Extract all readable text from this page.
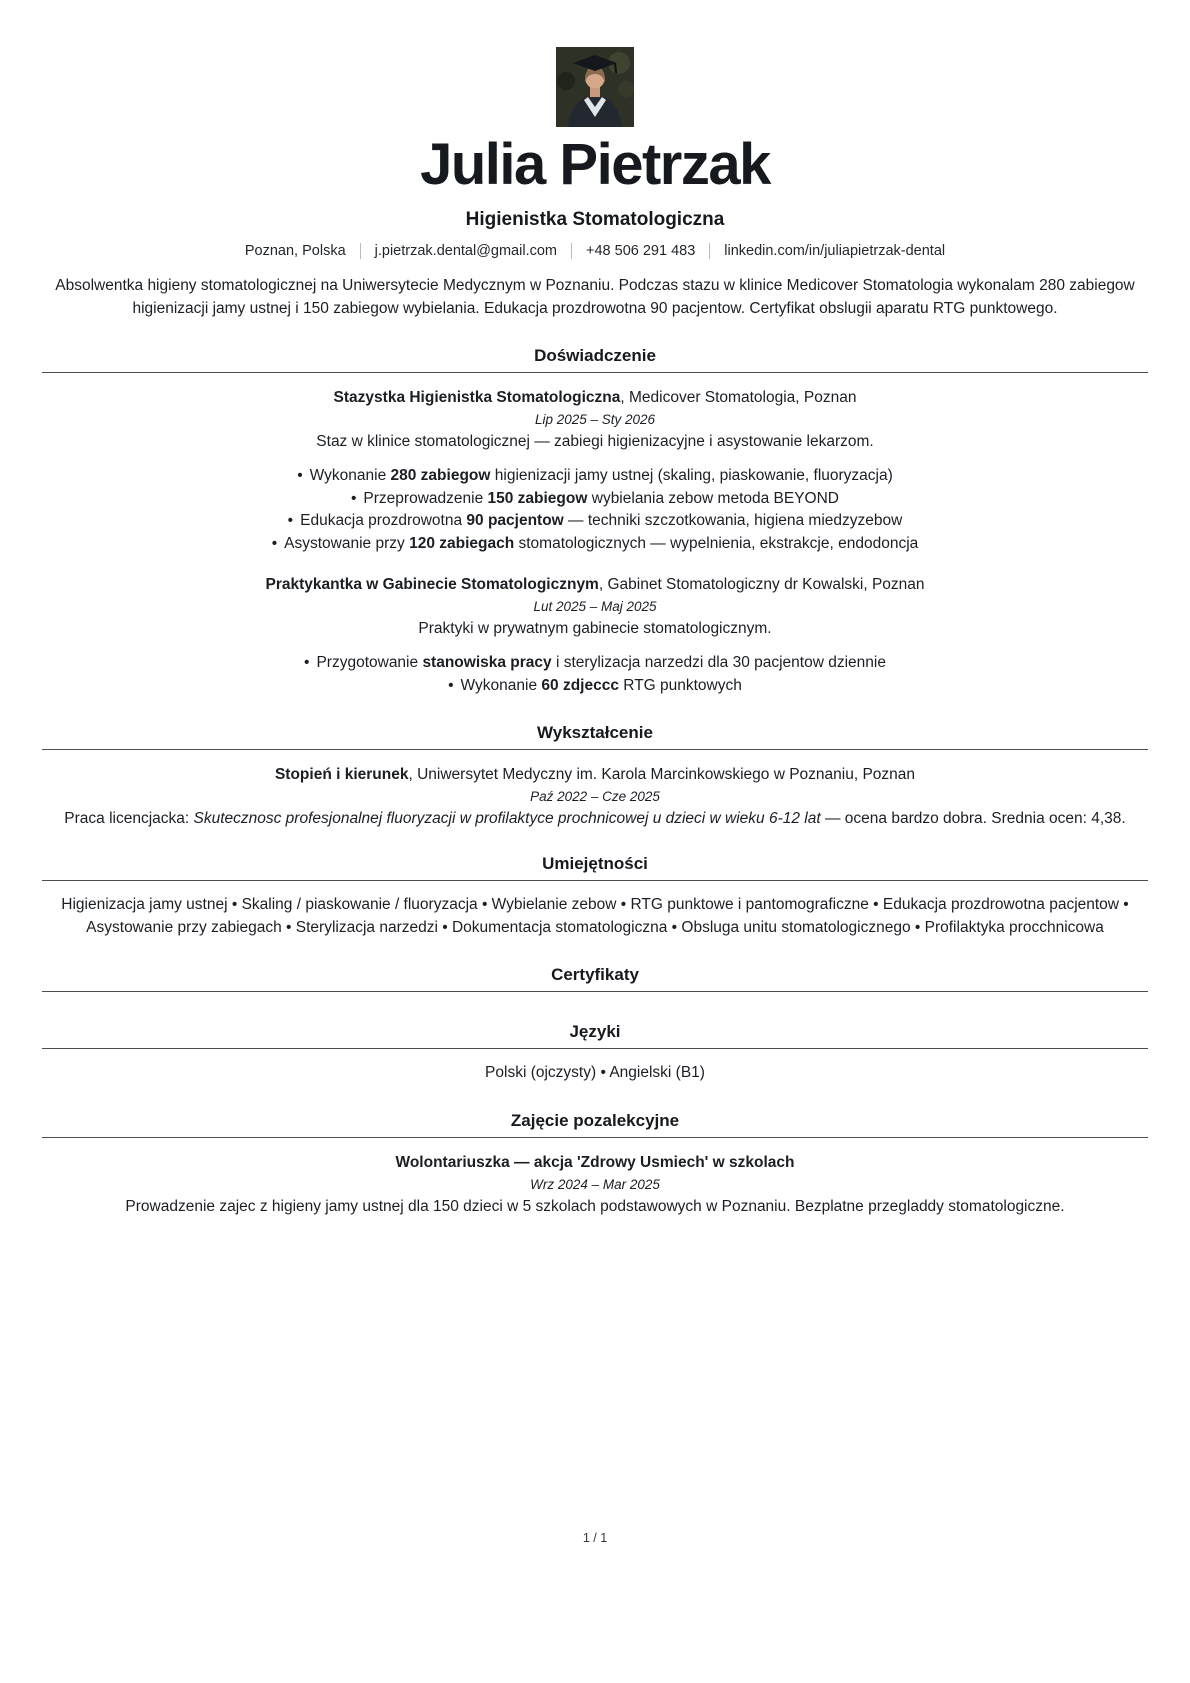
Julia Pietrzak
Higienistka Stomatologiczna
Poznan, Polska j.pietrzak.dental@gmail.com +48 506 291 483 linkedin.com/in/juliapietrzak-dental
Absolwentka higieny stomatologicznej na Uniwersytecie Medycznym w Poznaniu. Podczas stazu w klinice Medicover Stomatologia wykonalam 280 zabiegow higienizacji jamy ustnej i 150 zabiegow wybielania. Edukacja prozdrowotna 90 pacjentow. Certyfikat obslugii aparatu RTG punktowego.
Doświadczenie
Stazystka Higienistka Stomatologiczna, Medicover Stomatologia, Poznan
Lip 2025 – Sty 2026
Staz w klinice stomatologicznej — zabiegi higienizacyjne i asystowanie lekarzom.
• Wykonanie 280 zabiegow higienizacji jamy ustnej (skaling, piaskowanie, fluoryzacja)
• Przeprowadzenie 150 zabiegow wybielania zebow metoda BEYOND
• Edukacja prozdrowotna 90 pacjentow — techniki szczotkowania, higiena miedzyzebow
• Asystowanie przy 120 zabiegach stomatologicznych — wypelnienia, ekstrakcje, endodoncja
Praktykantka w Gabinecie Stomatologicznym, Gabinet Stomatologiczny dr Kowalski, Poznan
Lut 2025 – Maj 2025
Praktyki w prywatnym gabinecie stomatologicznym.
• Przygotowanie stanowiska pracy i sterylizacja narzedzi dla 30 pacjentow dziennie
• Wykonanie 60 zdjeccc RTG punktowych
Wykształcenie
Stopień i kierunek, Uniwersytet Medyczny im. Karola Marcinkowskiego w Poznaniu, Poznan
Paź 2022 – Cze 2025
Praca licencjacka: Skutecznosc profesjonalnej fluoryzacji w profilaktyce prochnicowej u dzieci w wieku 6-12 lat — ocena bardzo dobra. Srednia ocen: 4,38.
Umiejętności
Higienizacja jamy ustnej • Skaling / piaskowanie / fluoryzacja • Wybielanie zebow • RTG punktowe i pantomograficzne • Edukacja prozdrowotna pacjentow • Asystowanie przy zabiegach • Sterylizacja narzedzi • Dokumentacja stomatologiczna • Obsluga unitu stomatologicznego • Profilaktyka procchnicowa
Certyfikaty
Języki
Polski (ojczysty) • Angielski (B1)
Zajęcie pozalekcyjne
Wolontariuszka — akcja 'Zdrowy Usmiech' w szkolach
Wrz 2024 – Mar 2025
Prowadzenie zajec z higieny jamy ustnej dla 150 dzieci w 5 szkolach podstawowych w Poznaniu. Bezplatne przegladdy stomatologiczne.
1 / 1
